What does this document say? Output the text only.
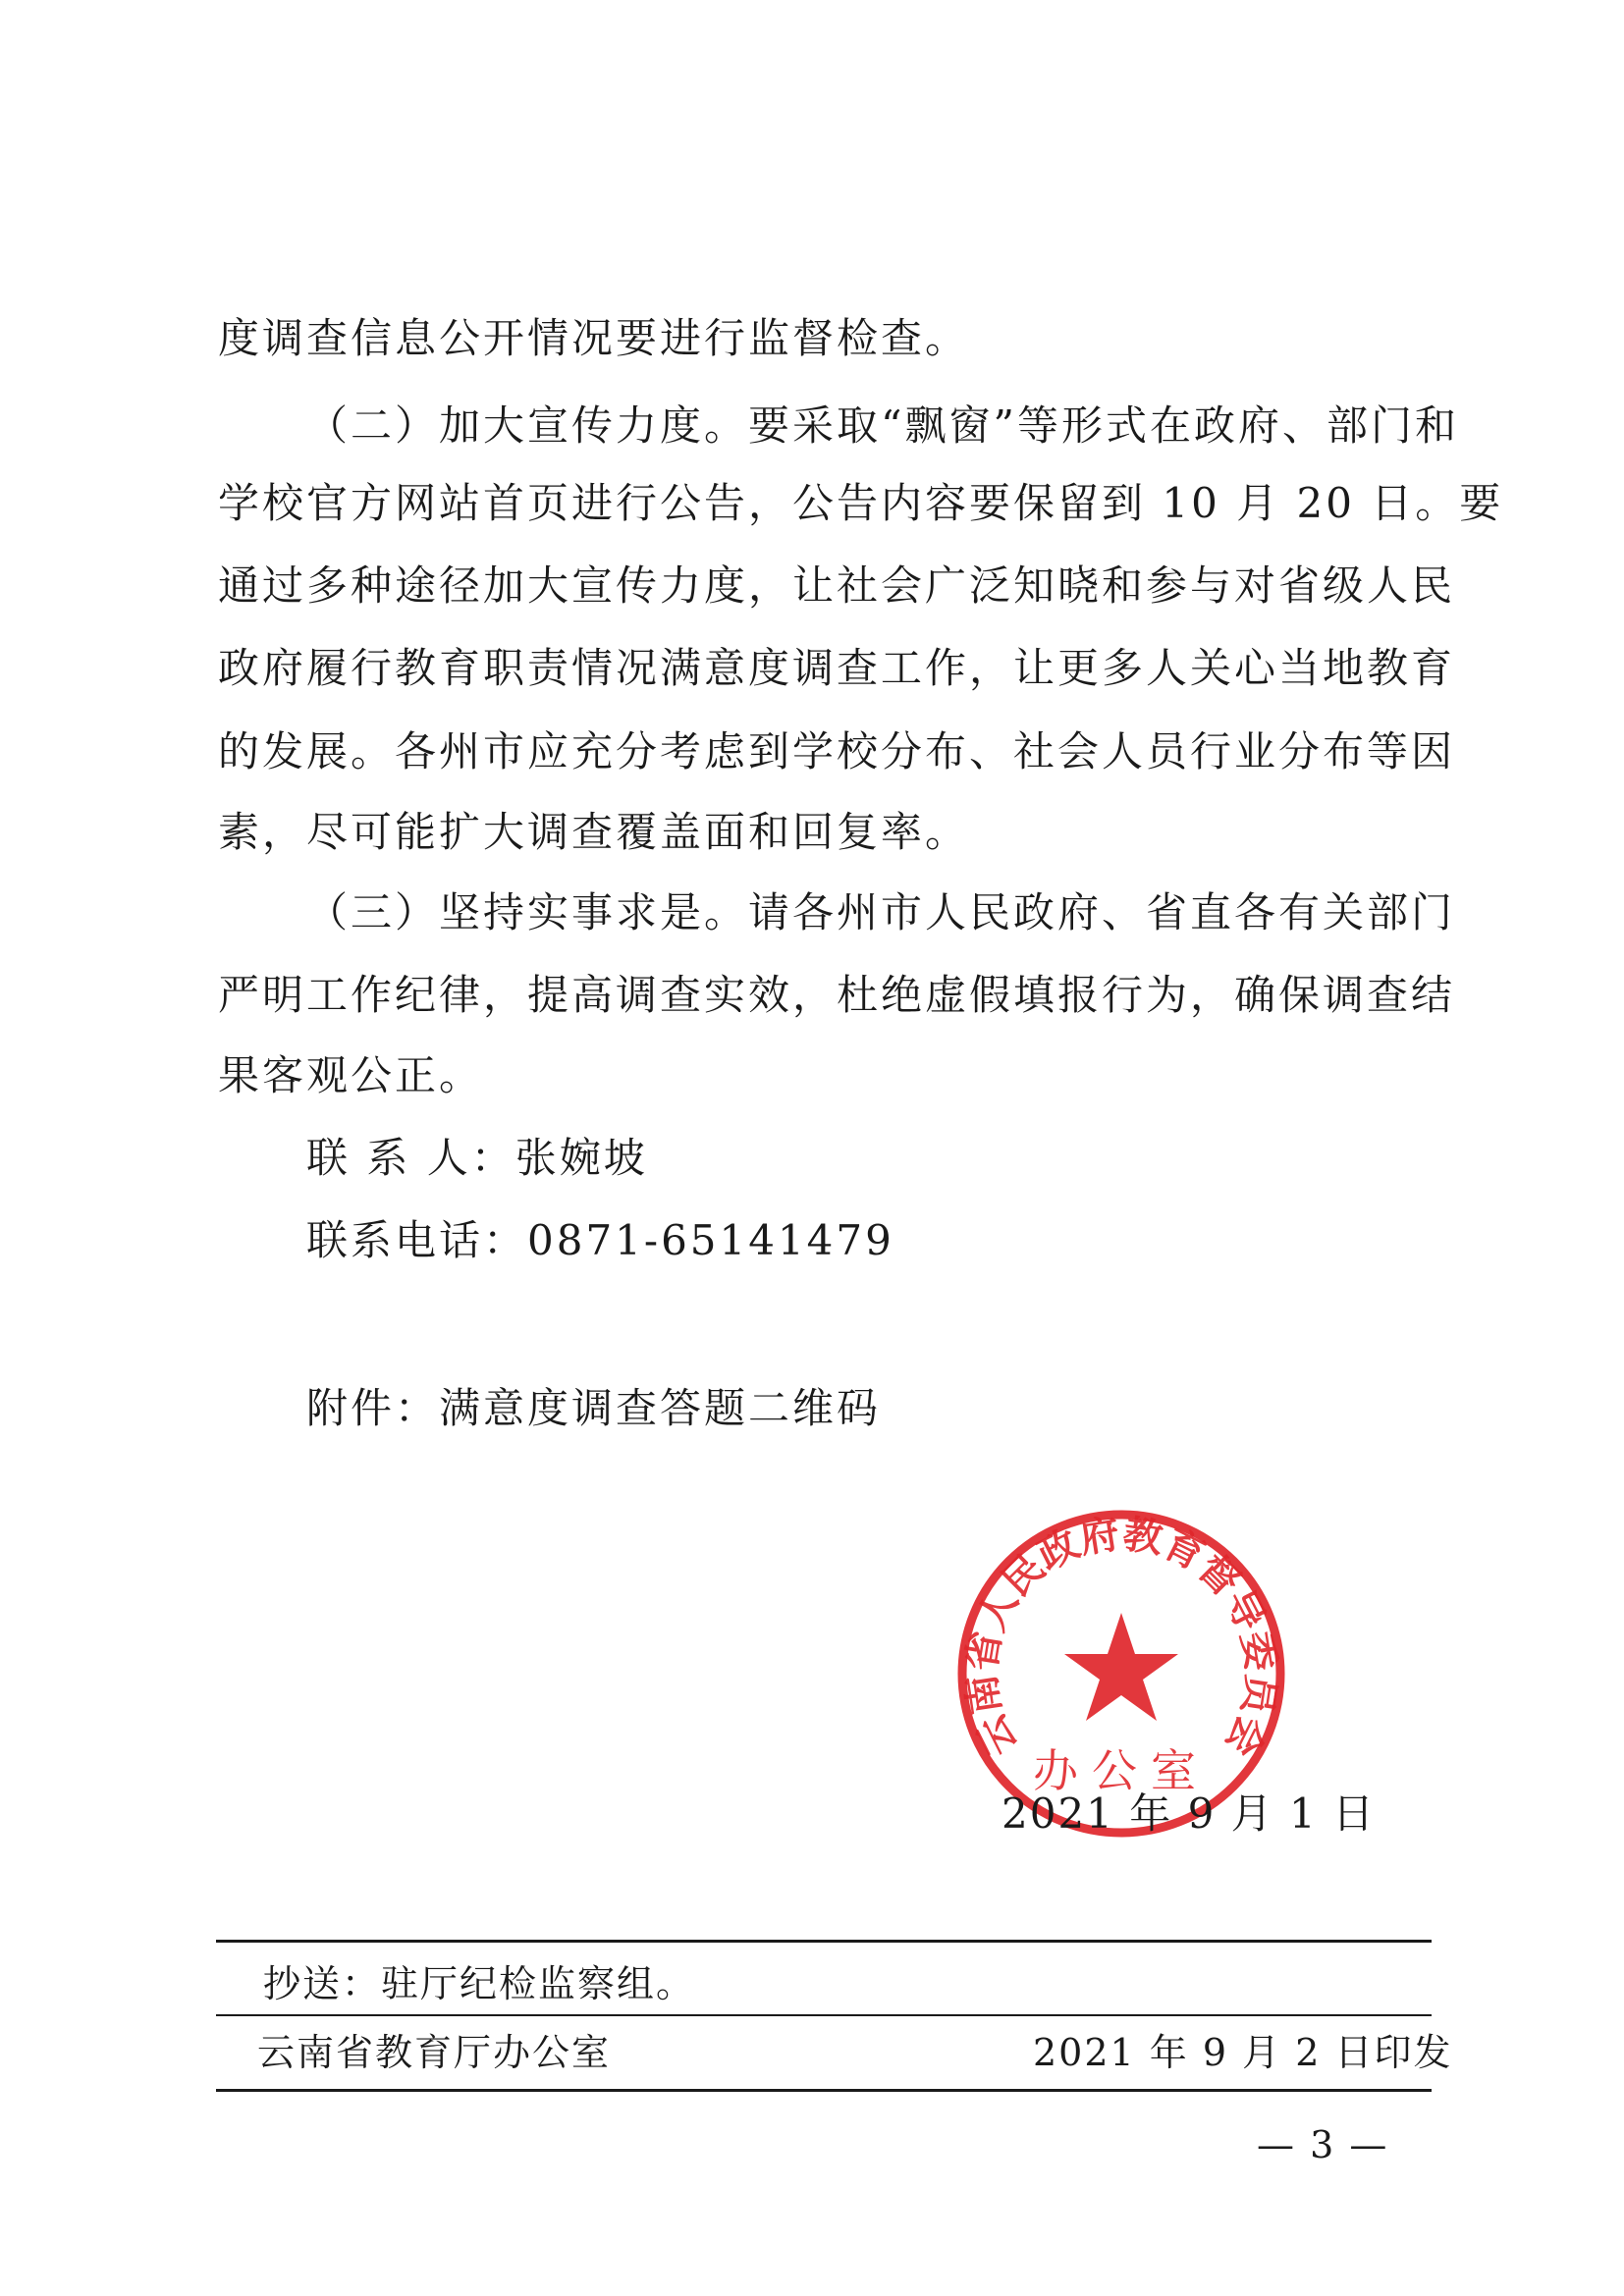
度调查信息公开情况要进行监督检查。
（二）加大宣传力度。要采取“飘窗”等形式在政府、部门和
学校官方网站首页进行公告，公告内容要保留到 10 月 20 日。要
通过多种途径加大宣传力度，让社会广泛知晓和参与对省级人民
政府履行教育职责情况满意度调查工作，让更多人关心当地教育
的发展。各州市应充分考虑到学校分布、社会人员行业分布等因
素，尽可能扩大调查覆盖面和回复率。
（三）坚持实事求是。请各州市人民政府、省直各有关部门
严明工作纪律，提高调查实效，杜绝虚假填报行为，确保调查结
果客观公正。
联 系 人：张婉坡
联系电话：0871-65141479
附件：满意度调查答题二维码
云南省人民政府教育督导委员会
办公室
2021 年 9 月 1 日
抄送：驻厅纪检监察组。
云南省教育厅办公室	2021 年 9 月 2 日印发
— 3 —
